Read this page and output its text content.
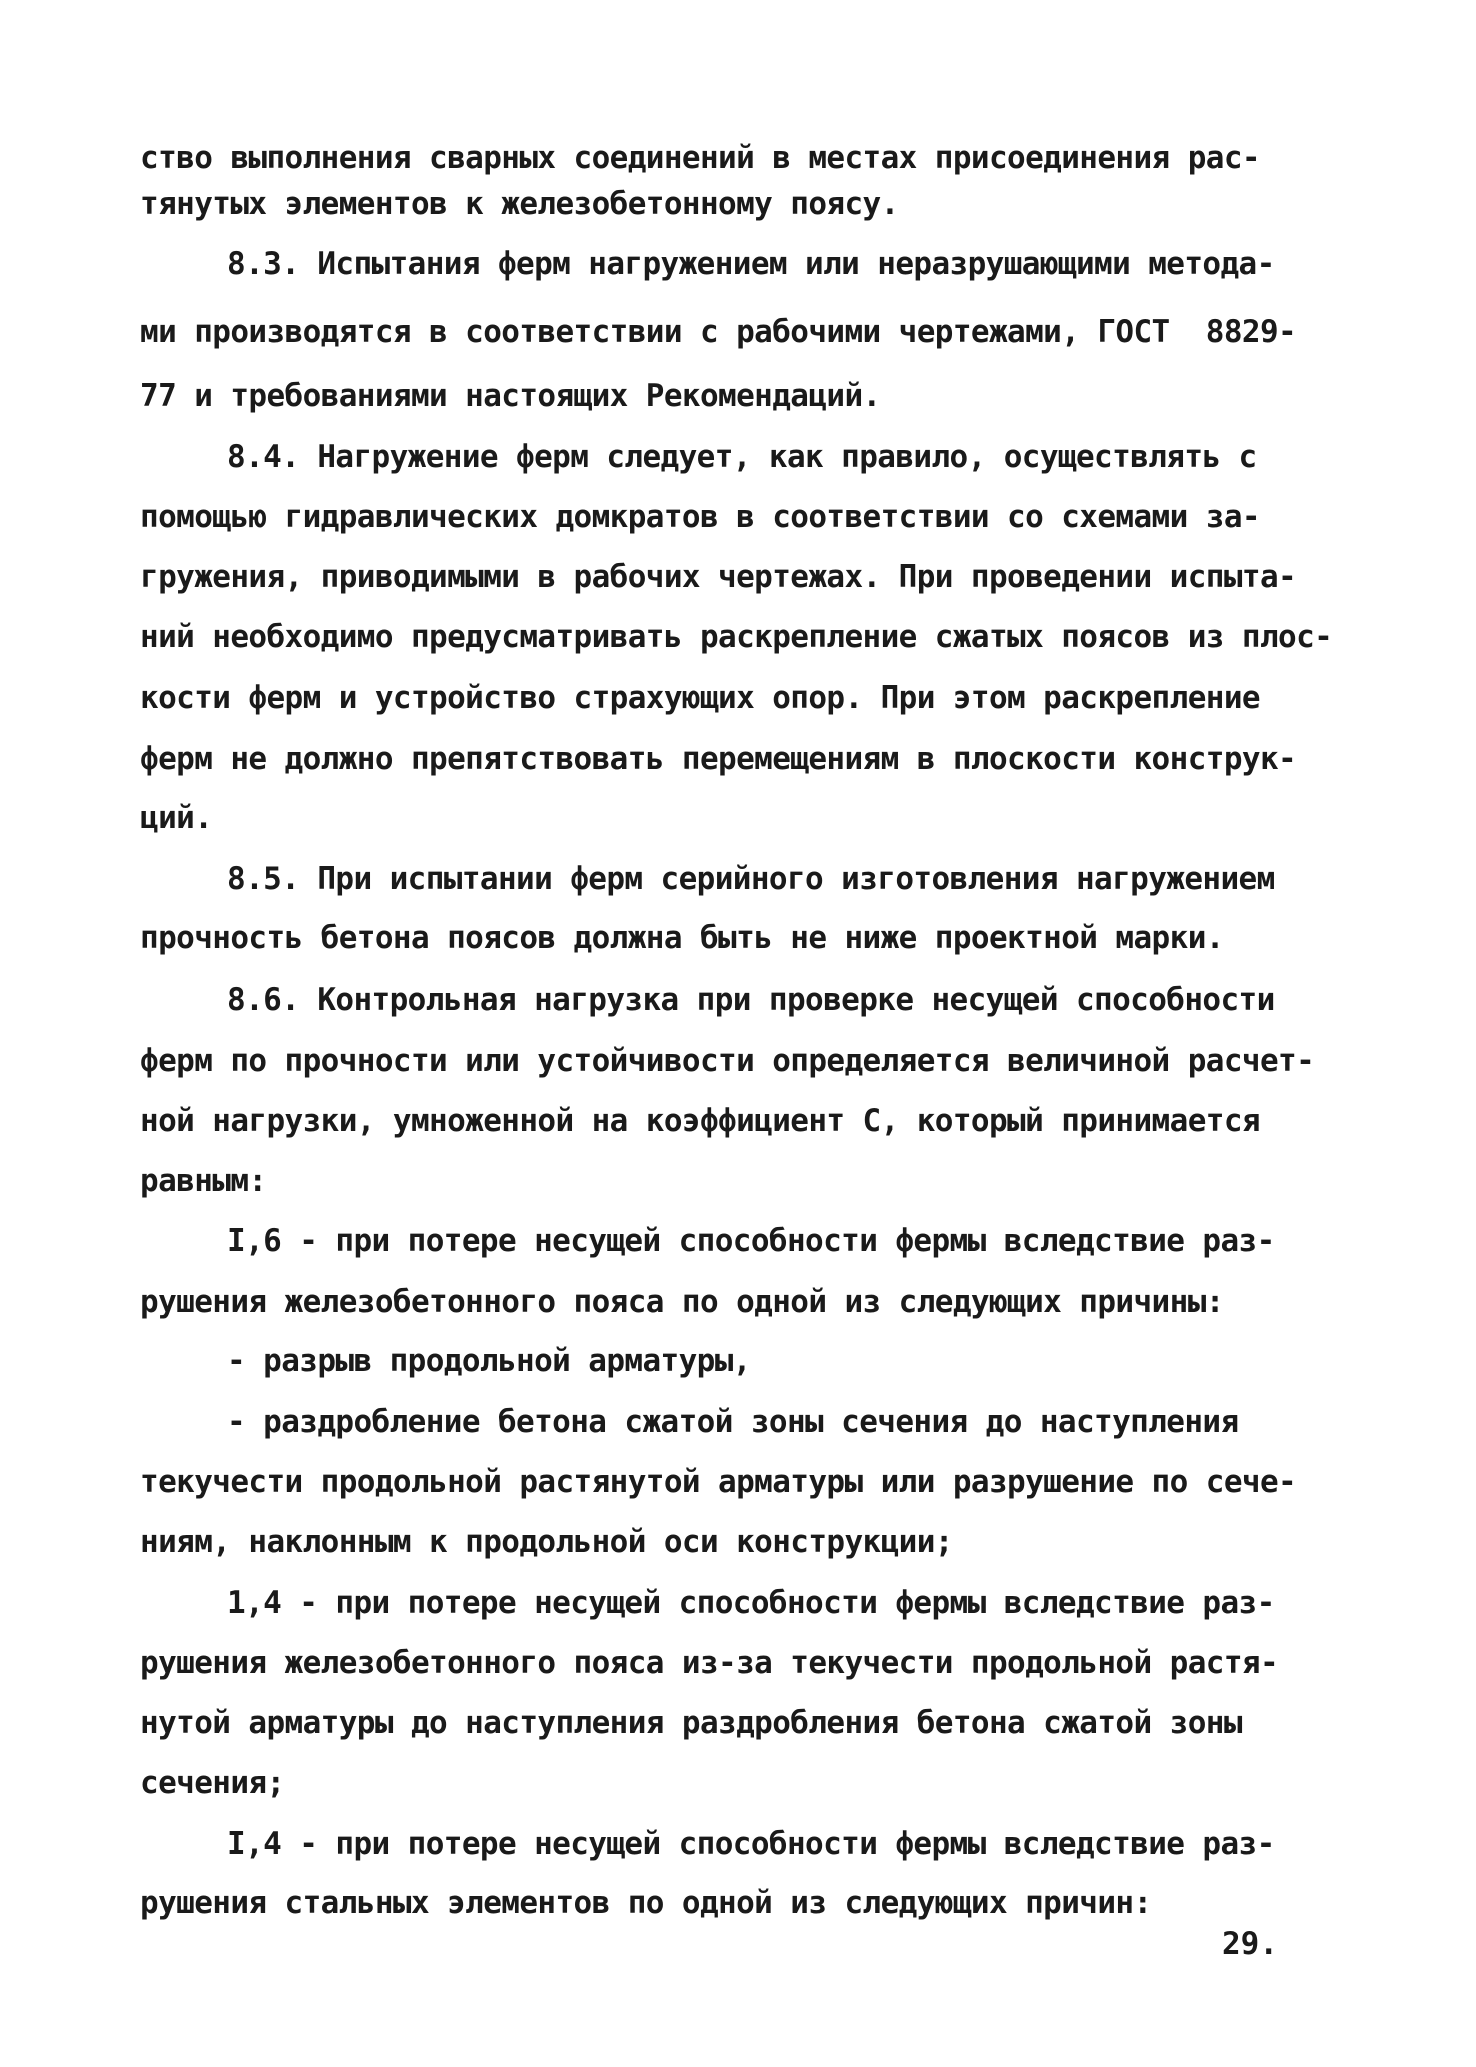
ство выполнения сварных соединений в местах присоединения рас-
тянутых элементов к железобетонному поясу.
8.3. Испытания ферм нагружением или неразрушающими метода-
ми производятся в соответствии с рабочими чертежами, ГОСТ  8829-
77 и требованиями настоящих Рекомендаций.
8.4. Нагружение ферм следует, как правило, осуществлять с
помощью гидравлических домкратов в соответствии со схемами за-
гружения, приводимыми в рабочих чертежах. При проведении испыта-
ний необходимо предусматривать раскрепление сжатых поясов из плос-
кости ферм и устройство страхующих опор. При этом раскрепление
ферм не должно препятствовать перемещениям в плоскости конструк-
ций.
8.5. При испытании ферм серийного изготовления нагружением
прочность бетона поясов должна быть не ниже проектной марки.
8.6. Контрольная нагрузка при проверке несущей способности
ферм по прочности или устойчивости определяется величиной расчет-
ной нагрузки, умноженной на коэффициент С, который принимается
равным:
I,6 - при потере несущей способности фермы вследствие раз-
рушения железобетонного пояса по одной из следующих причины:
- разрыв продольной арматуры,
- раздробление бетона сжатой зоны сечения до наступления
текучести продольной растянутой арматуры или разрушение по сече-
ниям, наклонным к продольной оси конструкции;
1,4 - при потере несущей способности фермы вследствие раз-
рушения железобетонного пояса из-за текучести продольной растя-
нутой арматуры до наступления раздробления бетона сжатой зоны
сечения;
I,4 - при потере несущей способности фермы вследствие раз-
рушения стальных элементов по одной из следующих причин:
29.
